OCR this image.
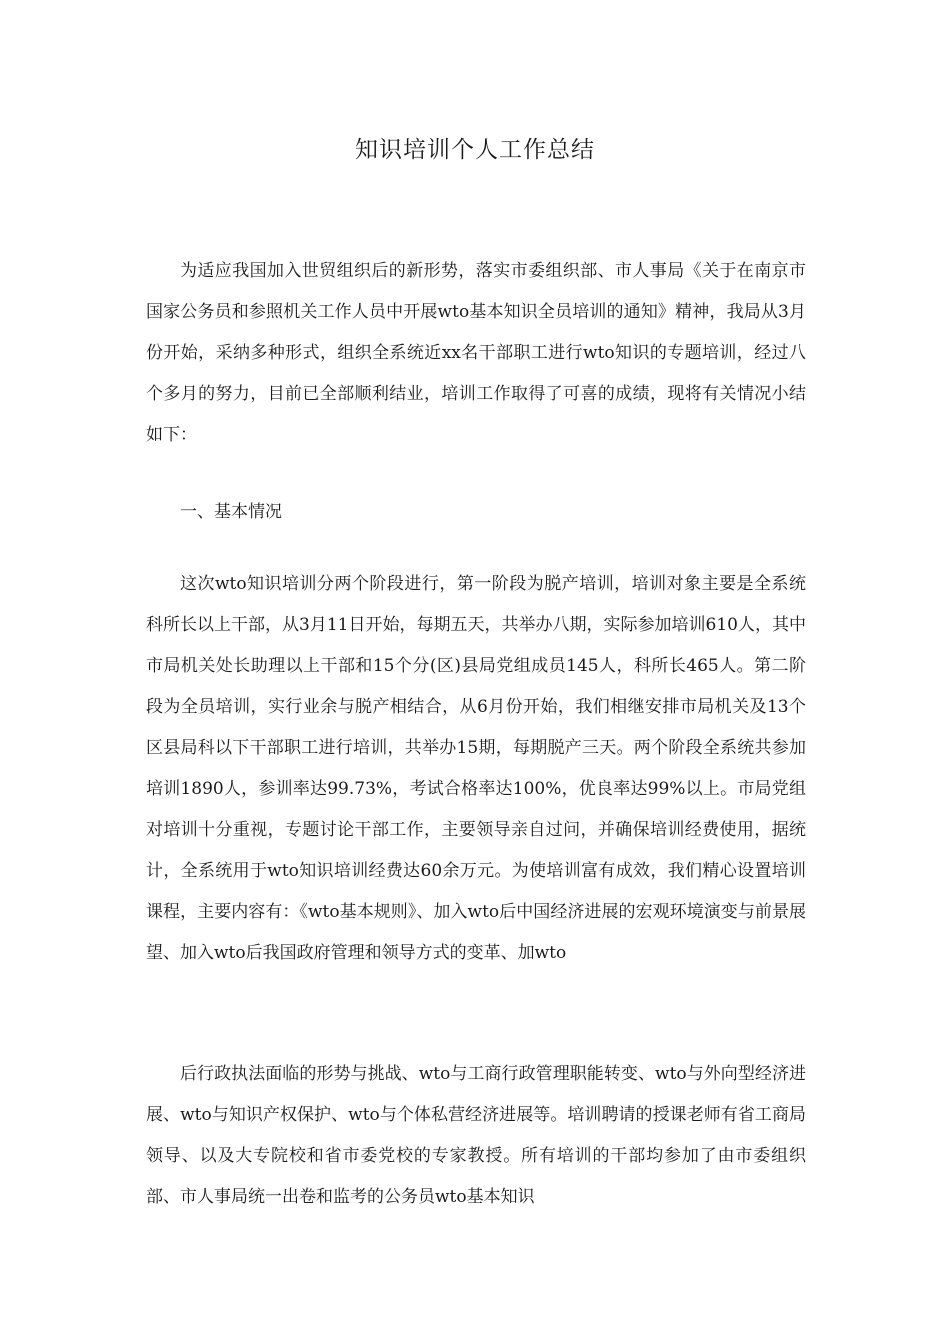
知识培训个人工作总结

为适应我国加入世贸组织后的新形势，落实市委组织部、市人事局《关于在南京市国家公务员和参照机关工作人员中开展wto基本知识全员培训的通知》精神，我局从3月份开始，采纳多种形式，组织全系统近xx名干部职工进行wto知识的专题培训，经过八个多月的努力，目前已全部顺利结业，培训工作取得了可喜的成绩，现将有关情况小结如下：

一、基本情况

这次wto知识培训分两个阶段进行，第一阶段为脱产培训，培训对象主要是全系统科所长以上干部，从3月11日开始，每期五天，共举办八期，实际参加培训610人，其中市局机关处长助理以上干部和15个分(区)县局党组成员145人，科所长465人。第二阶段为全员培训，实行业余与脱产相结合，从6月份开始，我们相继安排市局机关及13个区县局科以下干部职工进行培训，共举办15期，每期脱产三天。两个阶段全系统共参加培训1890人，参训率达99.73%，考试合格率达100%，优良率达99%以上。市局党组对培训十分重视，专题讨论干部工作，主要领导亲自过问，并确保培训经费使用，据统计，全系统用于wto知识培训经费达60余万元。为使培训富有成效，我们精心设置培训课程，主要内容有：《wto基本规则》、加入wto后中国经济进展的宏观环境演变与前景展望、加入wto后我国政府管理和领导方式的变革、加wto

后行政执法面临的形势与挑战、wto与工商行政管理职能转变、wto与外向型经济进展、wto与知识产权保护、wto与个体私营经济进展等。培训聘请的授课老师有省工商局领导、以及大专院校和省市委党校的专家教授。所有培训的干部均参加了由市委组织部、市人事局统一出卷和监考的公务员wto基本知识
